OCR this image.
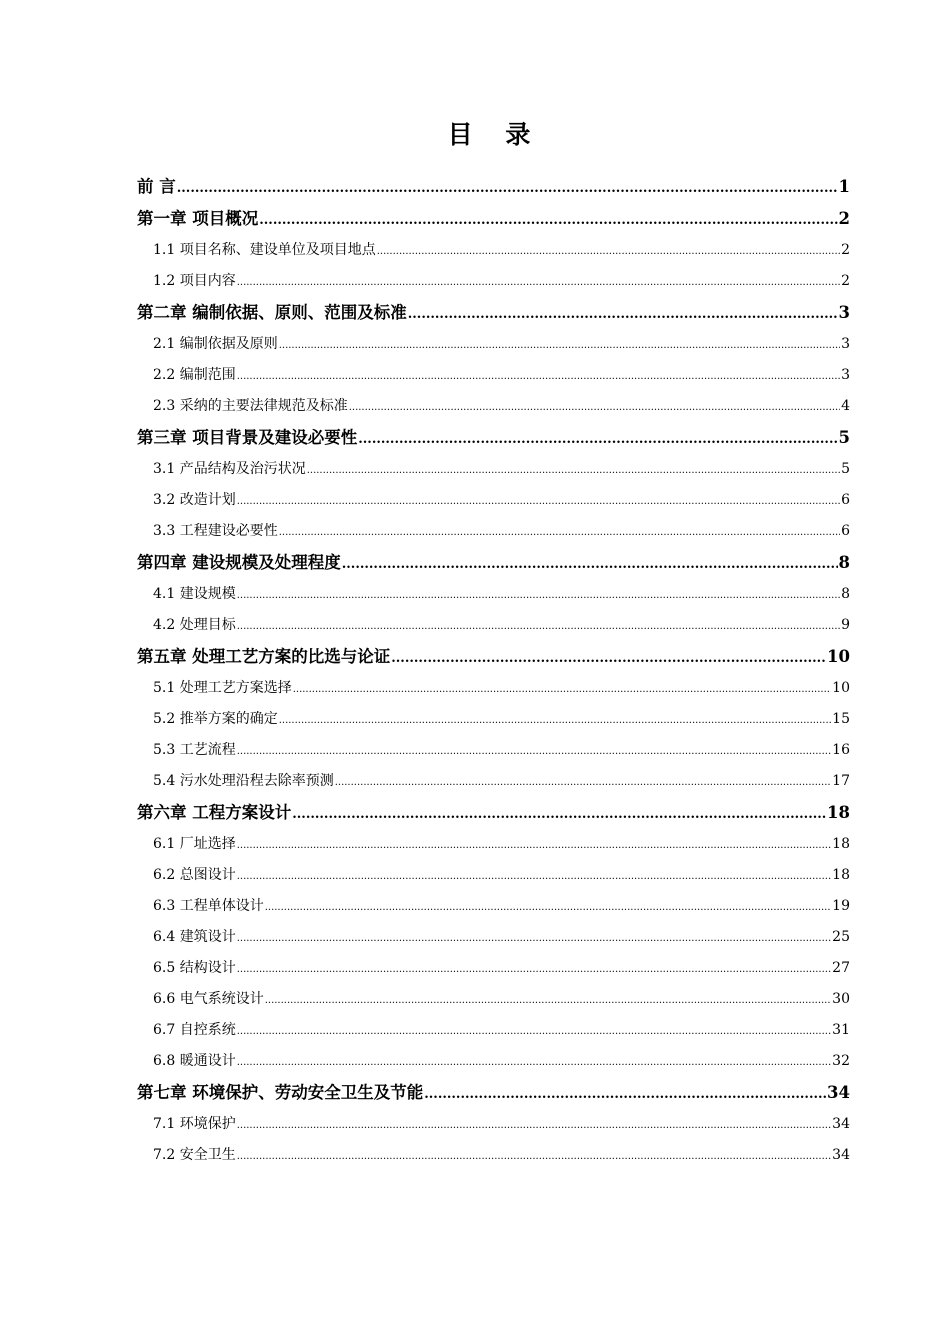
目 录
前 言 .....	1
第一章 项目概况 .....	2
1.1 项目名称、建设单位及项目地点 .....	2
1.2 项目内容 .....	2
第二章 编制依据、原则、范围及标准 .....	3
2.1 编制依据及原则 .....	3
2.2 编制范围 .....	3
2.3 采纳的主要法律规范及标准 .....	4
第三章 项目背景及建设必要性 .....	5
3.1 产品结构及治污状况 .....	5
3.2 改造计划 .....	6
3.3 工程建设必要性 .....	6
第四章 建设规模及处理程度 .....	8
4.1 建设规模 .....	8
4.2 处理目标 .....	9
第五章 处理工艺方案的比选与论证 .....	10
5.1 处理工艺方案选择 .....	10
5.2 推举方案的确定 .....	15
5.3 工艺流程 .....	16
5.4 污水处理沿程去除率预测 .....	17
第六章 工程方案设计 .....	18
6.1 厂址选择 .....	18
6.2 总图设计 .....	18
6.3 工程单体设计 .....	19
6.4 建筑设计 .....	25
6.5 结构设计 .....	27
6.6 电气系统设计 .....	30
6.7 自控系统 .....	31
6.8 暖通设计 .....	32
第七章 环境保护、劳动安全卫生及节能 .....	34
7.1 环境保护 .....	34
7.2 安全卫生 .....	34
